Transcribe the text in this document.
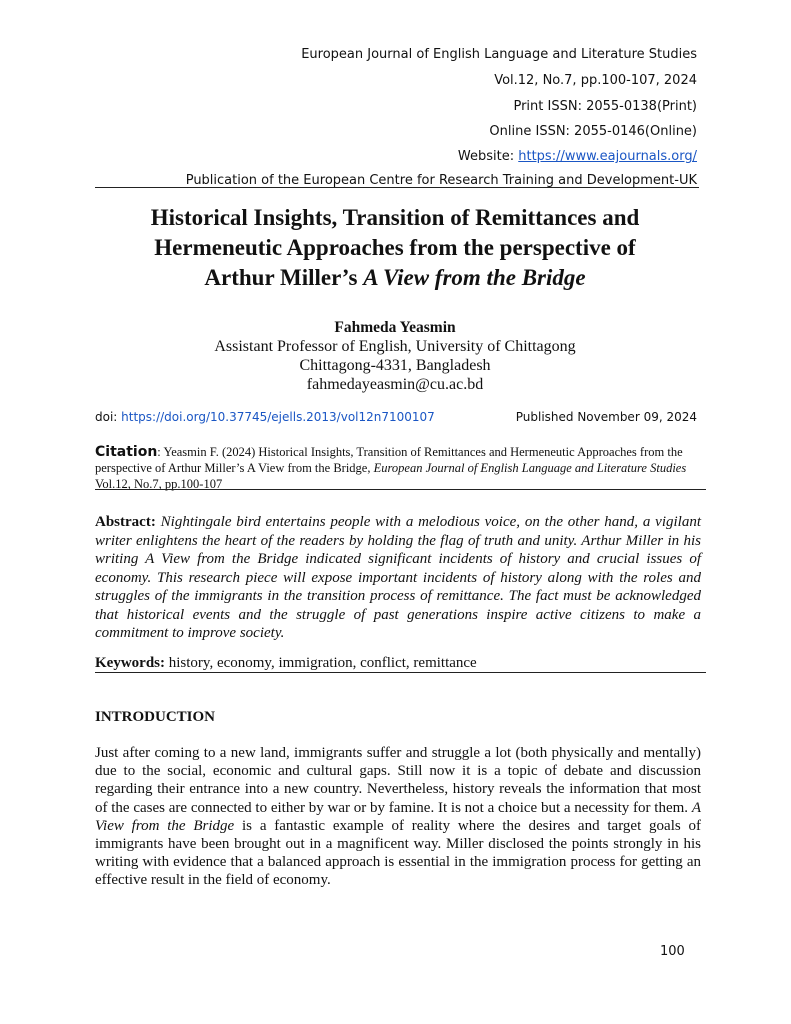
European Journal of English Language and Literature Studies
Vol.12, No.7, pp.100-107, 2024
Print ISSN: 2055-0138(Print)
Online ISSN: 2055-0146(Online)
Website: https://www.eajournals.org/
Publication of the European Centre for Research Training and Development-UK
Historical Insights, Transition of Remittances and
Hermeneutic Approaches from the perspective of
Arthur Miller’s A View from the Bridge
Fahmeda Yeasmin
Assistant Professor of English, University of Chittagong
Chittagong-4331, Bangladesh
fahmedayeasmin@cu.ac.bd
doi: https://doi.org/10.37745/ejells.2013/vol12n7100107	Published November 09, 2024
Citation: Yeasmin F. (2024) Historical Insights, Transition of Remittances and Hermeneutic Approaches from the perspective of Arthur Miller’s A View from the Bridge, European Journal of English Language and Literature Studies Vol.12, No.7, pp.100-107
Abstract: Nightingale bird entertains people with a melodious voice, on the other hand, a vigilant writer enlightens the heart of the readers by holding the flag of truth and unity. Arthur Miller in his writing A View from the Bridge indicated significant incidents of history and crucial issues of economy. This research piece will expose important incidents of history along with the roles and struggles of the immigrants in the transition process of remittance. The fact must be acknowledged that historical events and the struggle of past generations inspire active citizens to make a commitment to improve society.
Keywords: history, economy, immigration, conflict, remittance
INTRODUCTION
Just after coming to a new land, immigrants suffer and struggle a lot (both physically and mentally) due to the social, economic and cultural gaps. Still now it is a topic of debate and discussion regarding their entrance into a new country. Nevertheless, history reveals the information that most of the cases are connected to either by war or by famine. It is not a choice but a necessity for them. A View from the Bridge is a fantastic example of reality where the desires and target goals of immigrants have been brought out in a magnificent way. Miller disclosed the points strongly in his writing with evidence that a balanced approach is essential in the immigration process for getting an effective result in the field of economy.
100
